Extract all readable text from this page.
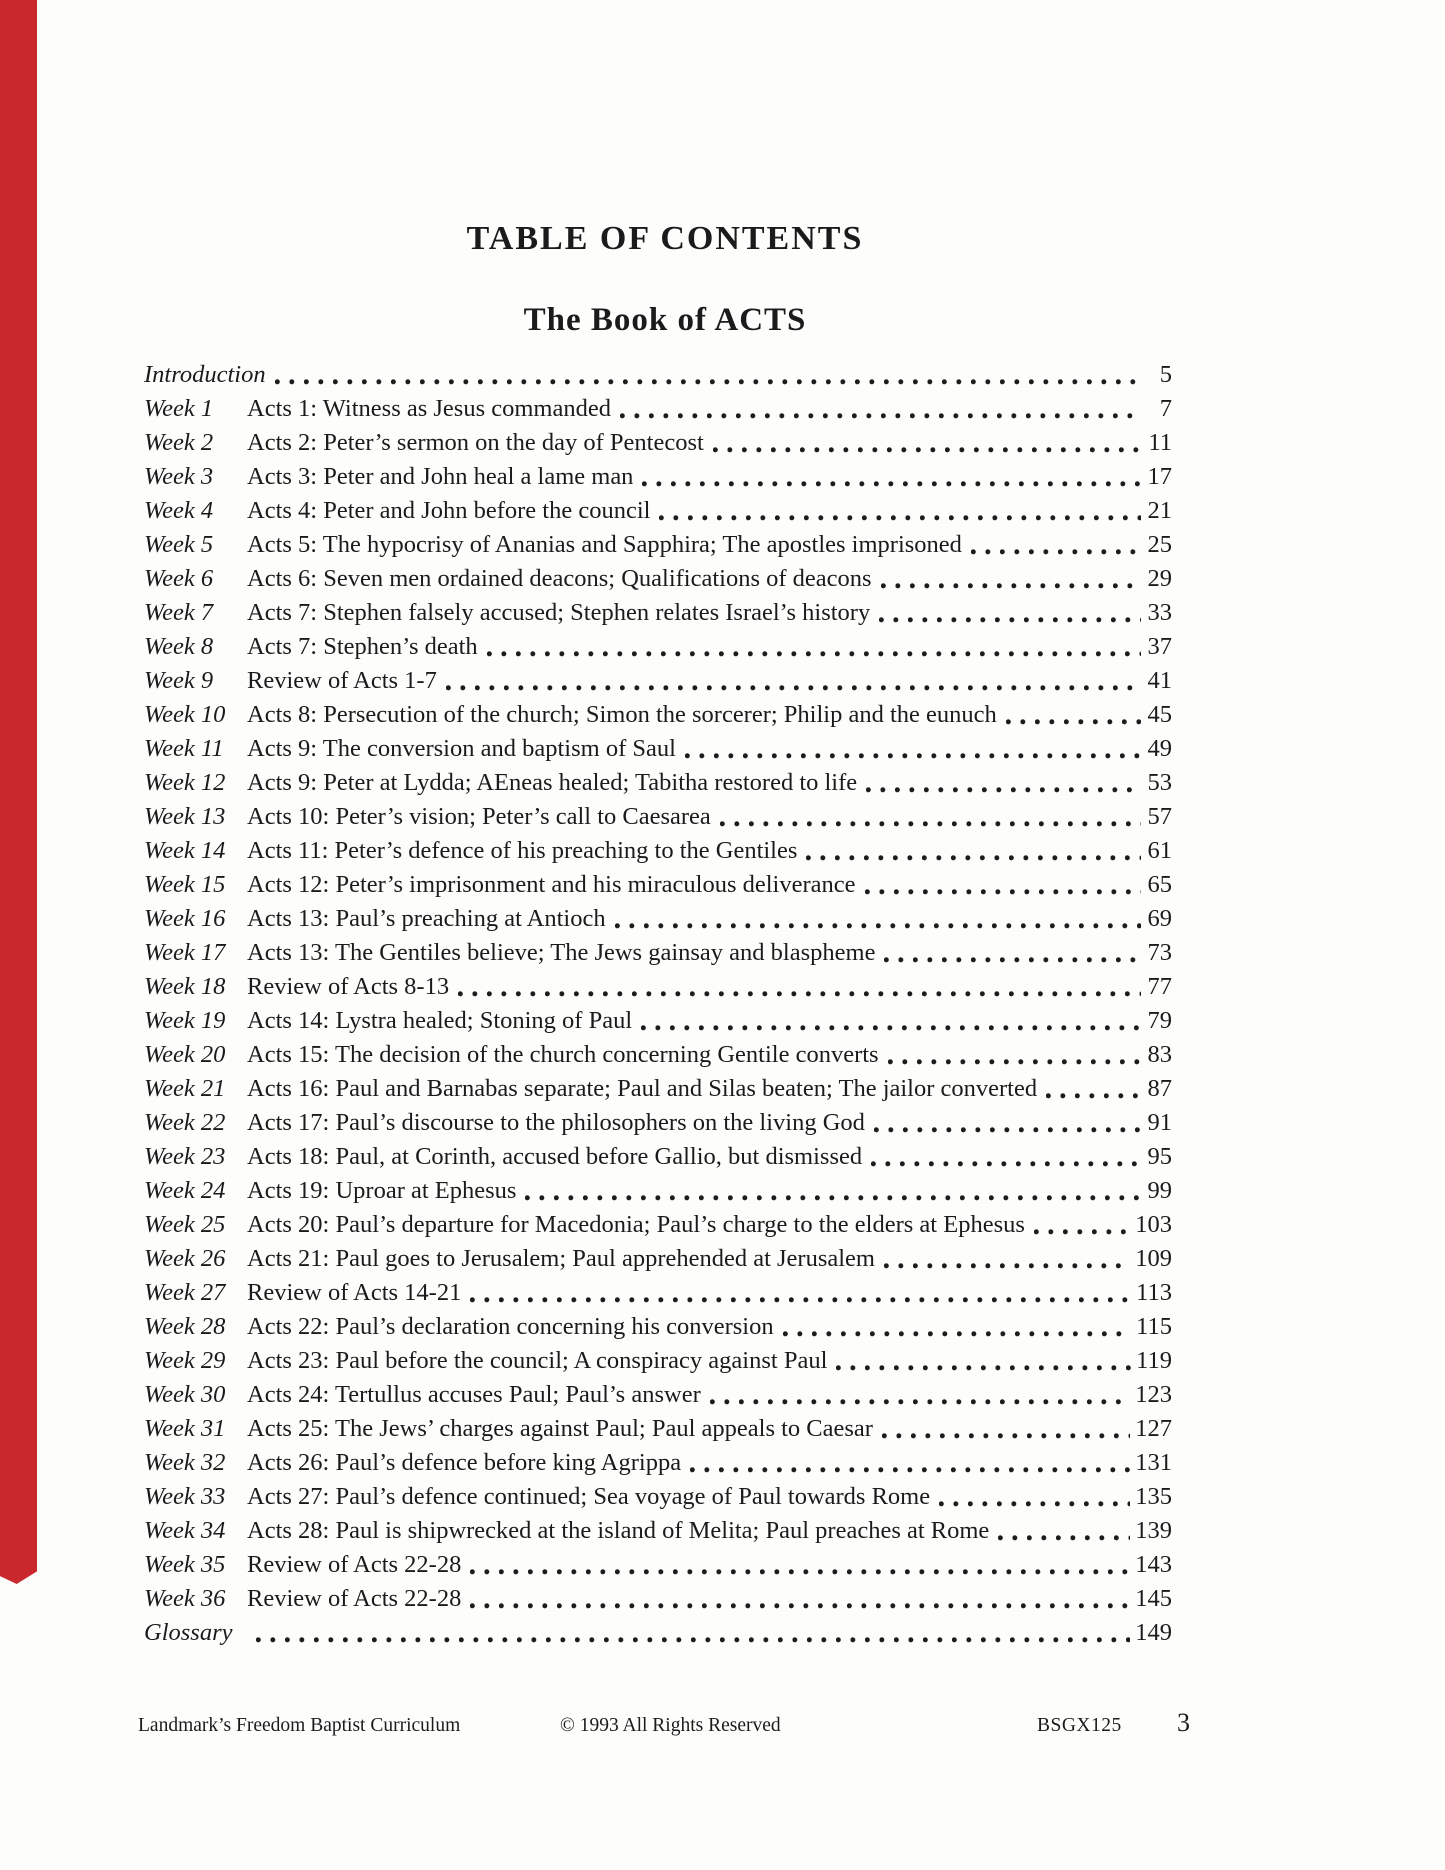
TABLE OF CONTENTS
The Book of ACTS
Introduction	5
Week 1	Acts 1: Witness as Jesus commanded	7
Week 2	Acts 2: Peter’s sermon on the day of Pentecost	11
Week 3	Acts 3: Peter and John heal a lame man	17
Week 4	Acts 4: Peter and John before the council	21
Week 5	Acts 5: The hypocrisy of Ananias and Sapphira; The apostles imprisoned	25
Week 6	Acts 6: Seven men ordained deacons; Qualifications of deacons	29
Week 7	Acts 7: Stephen falsely accused; Stephen relates Israel’s history	33
Week 8	Acts 7: Stephen’s death	37
Week 9	Review of Acts 1-7	41
Week 10 Acts 8: Persecution of the church; Simon the sorcerer; Philip and the eunuch	45
Week 11 Acts 9: The conversion and baptism of Saul	49
Week 12 Acts 9: Peter at Lydda; AEneas healed; Tabitha restored to life	53
Week 13 Acts 10: Peter’s vision; Peter’s call to Caesarea	57
Week 14 Acts 11: Peter’s defence of his preaching to the Gentiles	61
Week 15 Acts 12: Peter’s imprisonment and his miraculous deliverance	65
Week 16 Acts 13: Paul’s preaching at Antioch	69
Week 17 Acts 13: The Gentiles believe; The Jews gainsay and blaspheme	73
Week 18 Review of Acts 8-13	77
Week 19 Acts 14: Lystra healed; Stoning of Paul	79
Week 20 Acts 15: The decision of the church concerning Gentile converts	83
Week 21 Acts 16: Paul and Barnabas separate; Paul and Silas beaten; The jailor converted	87
Week 22 Acts 17: Paul’s discourse to the philosophers on the living God	91
Week 23 Acts 18: Paul, at Corinth, accused before Gallio, but dismissed	95
Week 24 Acts 19: Uproar at Ephesus	99
Week 25 Acts 20: Paul’s departure for Macedonia; Paul’s charge to the elders at Ephesus	103
Week 26 Acts 21: Paul goes to Jerusalem; Paul apprehended at Jerusalem	109
Week 27 Review of Acts 14-21	113
Week 28 Acts 22: Paul’s declaration concerning his conversion	115
Week 29 Acts 23: Paul before the council; A conspiracy against Paul	119
Week 30 Acts 24: Tertullus accuses Paul; Paul’s answer	123
Week 31 Acts 25: The Jews’ charges against Paul; Paul appeals to Caesar	127
Week 32 Acts 26: Paul’s defence before king Agrippa	131
Week 33 Acts 27: Paul’s defence continued; Sea voyage of Paul towards Rome	135
Week 34 Acts 28: Paul is shipwrecked at the island of Melita; Paul preaches at Rome	139
Week 35 Review of Acts 22-28	143
Week 36 Review of Acts 22-28	145
Glossary	149
Landmark’s Freedom Baptist Curriculum	© 1993 All Rights Reserved	BSGX125 3
